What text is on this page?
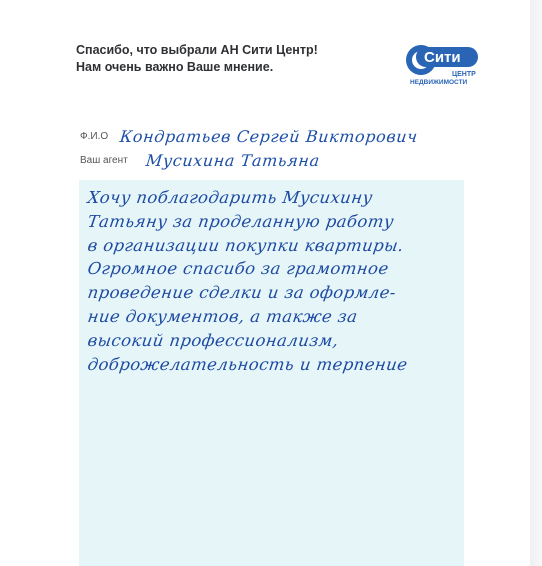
Спасибо, что выбрали АН Сити Центр!
Нам очень важно Ваше мнение.
Сити
ЦЕНТР
НЕДВИЖИМОСТИ
Ф.И.О Кондратьев Сергей Викторович
Ваш агент	Мусихина Татьяна
Хочу поблагодарить Мусихину
Татьяну за проделанную работу
в организации покупки квартиры.
Огромное спасибо за грамотное
проведение сделки и за оформле-
ние документов, а также за
высокий профессионализм,
доброжелательность и терпение
